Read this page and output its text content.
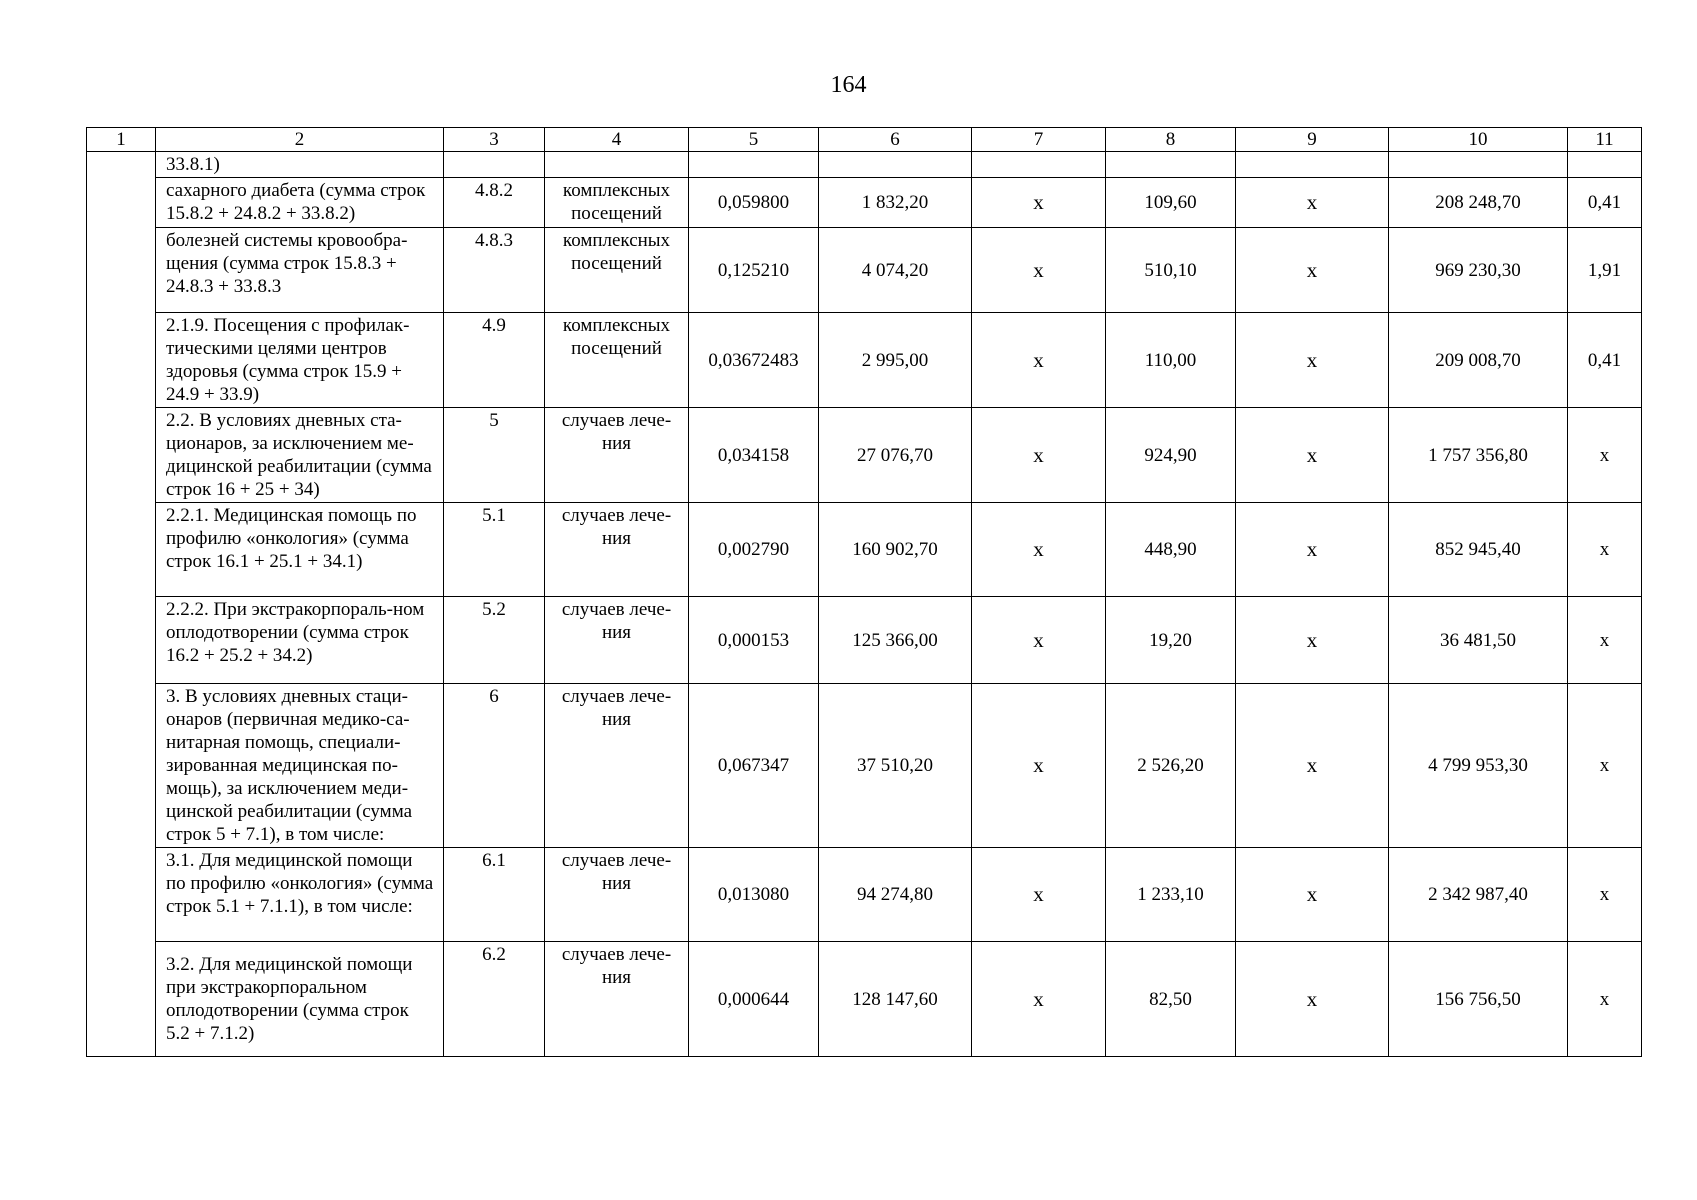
164
1	2	3	4	5	6	7	8	9	10	11
	33.8.1)									
	сахарного диабета (сумма строк 15.8.2 + 24.8.2 + 33.8.2)	4.8.2	комплексных посещений	0,059800	1 832,20	х	109,60	х	208 248,70	0,41
	болезней системы кровообра-щения (сумма строк 15.8.3 + 24.8.3 + 33.8.3	4.8.3	комплексных посещений	0,125210	4 074,20	х	510,10	х	969 230,30	1,91
	2.1.9. Посещения с профилак-тическими целями центров здоровья (сумма строк 15.9 + 24.9 + 33.9)	4.9	комплексных посещений	0,03672483	2 995,00	х	110,00	х	209 008,70	0,41
	2.2. В условиях дневных ста-ционаров, за исключением ме-дицинской реабилитации (сумма строк 16 + 25 + 34)	5	случаев лече-ния	0,034158	27 076,70	х	924,90	х	1 757 356,80	х
	2.2.1. Медицинская помощь по профилю «онкология» (сумма строк 16.1 + 25.1 + 34.1)	5.1	случаев лече-ния	0,002790	160 902,70	х	448,90	х	852 945,40	х
	2.2.2. При экстракорпораль-ном оплодотворении (сумма строк 16.2 + 25.2 + 34.2)	5.2	случаев лече-ния	0,000153	125 366,00	х	19,20	х	36 481,50	х
	3. В условиях дневных стаци-онаров (первичная медико-са-нитарная помощь, специали-зированная медицинская по-мощь), за исключением меди-цинской реабилитации (сумма строк 5 + 7.1), в том числе:	6	случаев лече-ния	0,067347	37 510,20	х	2 526,20	х	4 799 953,30	х
	3.1. Для медицинской помощи по профилю «онкология» (сумма строк 5.1 + 7.1.1), в том числе:	6.1	случаев лече-ния	0,013080	94 274,80	х	1 233,10	х	2 342 987,40	х
	3.2. Для медицинской помощи при экстракорпоральном оплодотворении (сумма строк 5.2 + 7.1.2)	6.2	случаев лече-ния	0,000644	128 147,60	х	82,50	х	156 756,50	х
